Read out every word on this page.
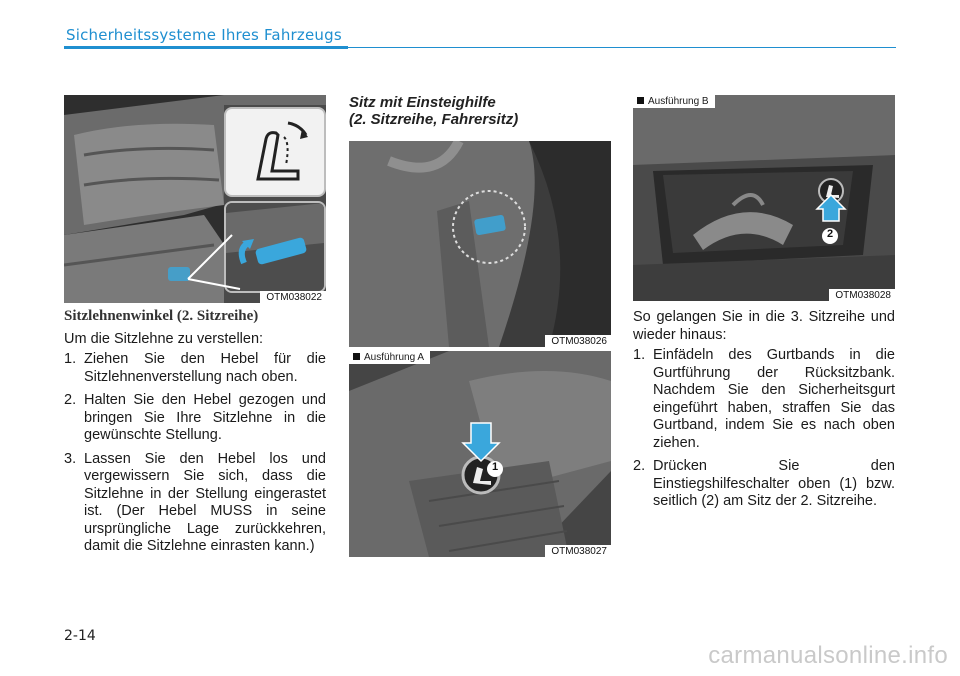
Sicherheitssysteme Ihres Fahrzeugs
OTM038022
Sitzlehnenwinkel (2. Sitzreihe)
Um die Sitzlehne zu verstellen:
1. Ziehen Sie den Hebel für die Sitzlehnenverstellung nach oben.
2. Halten Sie den Hebel gezogen und bringen Sie Ihre Sitzlehne in die gewünschte Stellung.
3. Lassen Sie den Hebel los und vergewissern Sie sich, dass die Sitzlehne in der Stellung eingerastet ist. (Der Hebel MUSS in seine ursprüngliche Lage zurückkehren, damit die Sitzlehne einrasten kann.)
Sitz mit Einsteighilfe
(2. Sitzreihe, Fahrersitz)
OTM038026
1
Ausführung A
OTM038027
2
Ausführung B
OTM038028
So gelangen Sie in die 3. Sitzreihe und wieder hinaus:
1. Einfädeln des Gurtbands in die Gurtführung der Rücksitzbank. Nachdem Sie den Sicherheitsgurt eingeführt haben, straffen Sie das Gurtband, indem Sie es nach oben ziehen.
2. Drücken Sie den Einstiegshilfeschalter oben (1) bzw. seitlich (2) am Sitz der 2. Sitzreihe.
2-14
carmanualsonline.info
